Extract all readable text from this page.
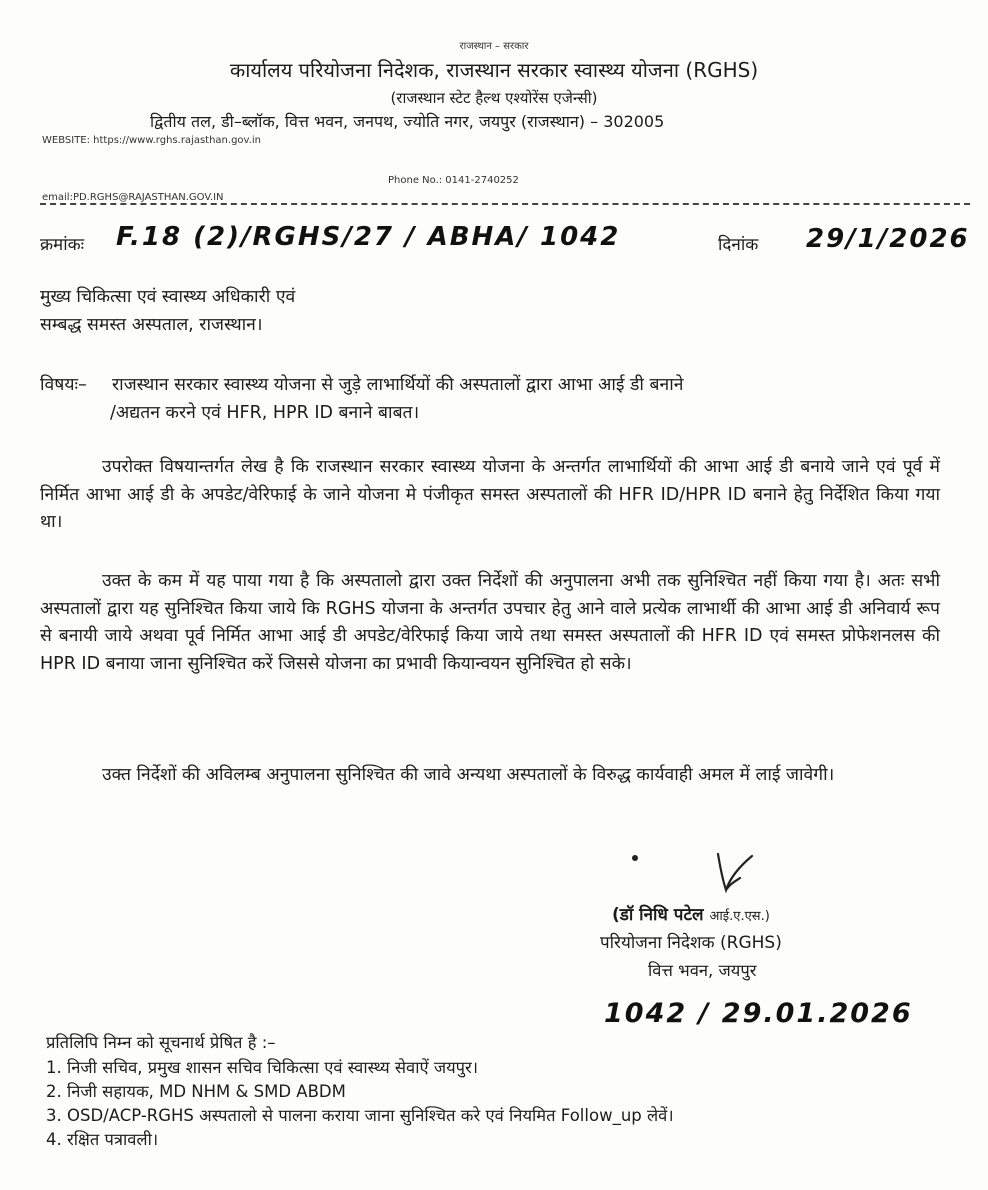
राजस्थान – सरकार
कार्यालय परियोजना निदेशक, राजस्थान सरकार स्वास्थ्य योजना (RGHS)
(राजस्थान स्टेट हैल्थ एश्योरेंस एजेन्सी)
द्वितीय तल, डी–ब्लॉक, वित्त भवन, जनपथ, ज्योति नगर, जयपुर (राजस्थान) – 302005
WEBSITE: https://www.rghs.rajasthan.gov.in
Phone No.: 0141-2740252
email:PD.RGHS@RAJASTHAN.GOV.IN
क्रमांकः F.18 (2)/RGHS/27 / ABHA/ 1042	दिनांक 29/1/2026
मुख्य चिकित्सा एवं स्वास्थ्य अधिकारी एवं
सम्बद्ध समस्त अस्पताल, राजस्थान।
विषयः– राजस्थान सरकार स्वास्थ्य योजना से जुड़े लाभार्थियों की अस्पतालों द्वारा आभा आई डी बनाने
/अद्यतन करने एवं HFR, HPR ID बनाने बाबत।
उपरोक्त विषयान्तर्गत लेख है कि राजस्थान सरकार स्वास्थ्य योजना के अन्तर्गत लाभार्थियों की आभा आई डी बनाये जाने एवं पूर्व में निर्मित आभा आई डी के अपडेट/वेरिफाई के जाने योजना मे पंजीकृत समस्त अस्पतालों की HFR ID/HPR ID बनाने हेतु निर्देशित किया गया था।
उक्त के कम में यह पाया गया है कि अस्पतालो द्वारा उक्त निर्देशों की अनुपालना अभी तक सुनिश्चित नहीं किया गया है। अतः सभी अस्पतालों द्वारा यह सुनिश्चित किया जाये कि RGHS योजना के अन्तर्गत उपचार हेतु आने वाले प्रत्येक लाभार्थी की आभा आई डी अनिवार्य रूप से बनायी जाये अथवा पूर्व निर्मित आभा आई डी अपडेट/वेरिफाई किया जाये तथा समस्त अस्पतालों की HFR ID एवं समस्त प्रोफेशनलस की HPR ID बनाया जाना सुनिश्चित करें जिससे योजना का प्रभावी कियान्वयन सुनिश्चित हो सके।
उक्त निर्देशों की अविलम्ब अनुपालना सुनिश्चित की जावे अन्यथा अस्पतालों के विरुद्ध कार्यवाही अमल में लाई जावेगी।
(डॉ निधि पटेल आई.ए.एस.)
परियोजना निदेशक (RGHS)
वित्त भवन, जयपुर
1042 / 29.01.2026
प्रतिलिपि निम्न को सूचनार्थ प्रेषित है :–
1. निजी सचिव, प्रमुख शासन सचिव चिकित्सा एवं स्वास्थ्य सेवाऐं जयपुर।
2. निजी सहायक, MD NHM & SMD ABDM
3. OSD/ACP-RGHS अस्पतालो से पालना कराया जाना सुनिश्चित करे एवं नियमित Follow_up लेवें।
4. रक्षित पत्रावली।
